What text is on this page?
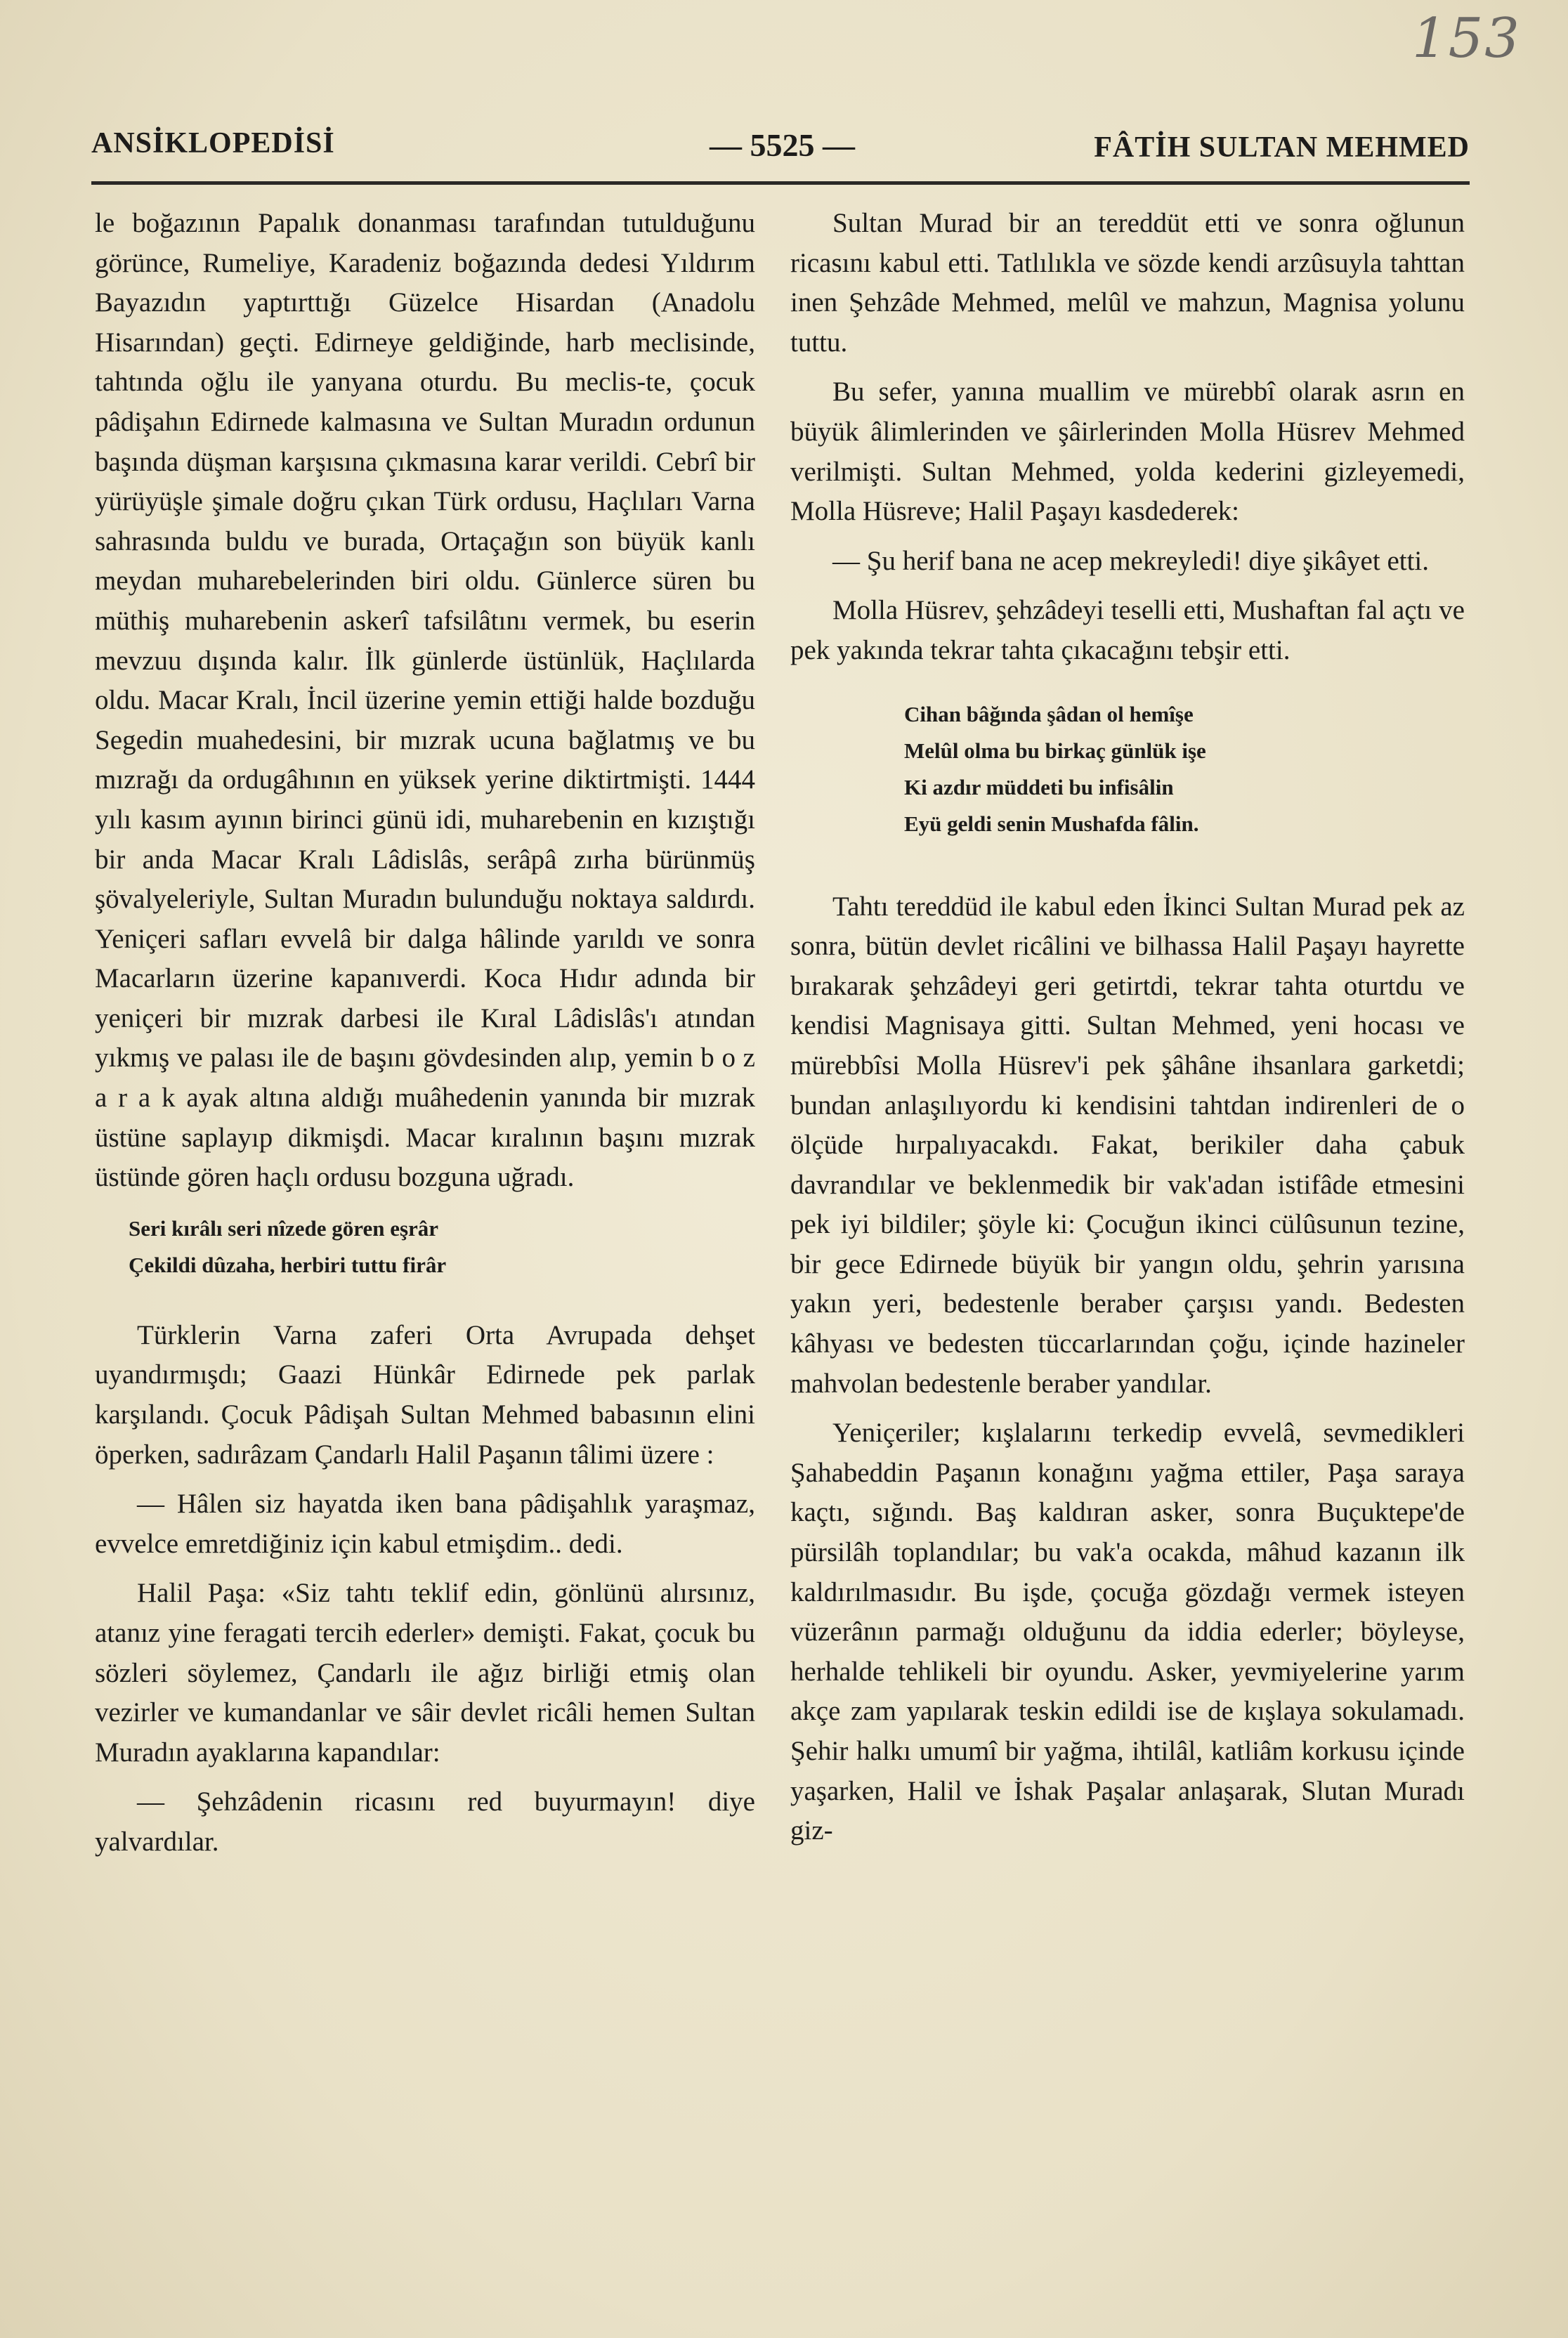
153
ANSİKLOPEDİSİ	— 5525 —	FÂTİH SULTAN MEHMED

le boğazının Papalık donanması tarafından tutulduğunu görünce, Rumeliye, Karadeniz boğazında dedesi Yıldırım Bayazıdın yaptırttığı Güzelce Hisardan (Anadolu Hisarından) geçti. Edirneye geldiğinde, harb meclisinde, tahtında oğlu ile yanyana oturdu. Bu meclis-te, çocuk pâdişahın Edirnede kalmasına ve Sultan Muradın ordunun başında düşman karşısına çıkmasına karar verildi. Cebrî bir yürüyüşle şimale doğru çıkan Türk ordusu, Haçlıları Varna sahrasında buldu ve burada, Ortaçağın son büyük kanlı meydan muharebelerinden biri oldu. Günlerce süren bu müthiş muharebenin askerî tafsilâtını vermek, bu eserin mevzuu dışında kalır. İlk günlerde üstünlük, Haçlılarda oldu. Macar Kralı, İncil üzerine yemin ettiği halde bozduğu Segedin muahedesini, bir mızrak ucuna bağlatmış ve bu mızrağı da ordugâhının en yüksek yerine diktirtmişti. 1444 yılı kasım ayının birinci günü idi, muharebenin en kızıştığı bir anda Macar Kralı Lâdislâs, serâpâ zırha bürünmüş şövalyeleriyle, Sultan Muradın bulunduğu noktaya saldırdı. Yeniçeri safları evvelâ bir dalga hâlinde yarıldı ve sonra Macarların üzerine kapanıverdi. Koca Hıdır adında bir yeniçeri bir mızrak darbesi ile Kıral Lâdislâs'ı atından yıkmış ve palası ile de başını gövdesinden alıp, yemin b o z a r a k ayak altına aldığı muâhedenin yanında bir mızrak üstüne saplayıp dikmişdi. Macar kıralının başını mızrak üstünde gören haçlı ordusu bozguna uğradı.

Seri kırâlı seri nîzede gören eşrâr
Çekildi dûzaha, herbiri tuttu firâr

Türklerin Varna zaferi Orta Avrupada dehşet uyandırmışdı; Gaazi Hünkâr Edirnede pek parlak karşılandı. Çocuk Pâdişah Sultan Mehmed babasının elini öperken, sadırâzam Çandarlı Halil Paşanın tâlimi üzere :

— Hâlen siz hayatda iken bana pâdişahlık yaraşmaz, evvelce emretdiğiniz için kabul etmişdim.. dedi.

Halil Paşa: «Siz tahtı teklif edin, gönlünü alırsınız, atanız yine feragati tercih ederler» demişti. Fakat, çocuk bu sözleri söylemez, Çandarlı ile ağız birliği etmiş olan vezirler ve kumandanlar ve sâir devlet ricâli hemen Sultan Muradın ayaklarına kapandılar:

— Şehzâdenin ricasını red buyurmayın! diye yalvardılar.

Sultan Murad bir an tereddüt etti ve sonra oğlunun ricasını kabul etti. Tatlılıkla ve sözde kendi arzûsuyla tahttan inen Şehzâde Mehmed, melûl ve mahzun, Magnisa yolunu tuttu.

Bu sefer, yanına muallim ve mürebbî olarak asrın en büyük âlimlerinden ve şâirlerinden Molla Hüsrev Mehmed verilmişti. Sultan Mehmed, yolda kederini gizleyemedi, Molla Hüsreve; Halil Paşayı kasdederek:

— Şu herif bana ne acep mekreyledi! diye şikâyet etti.

Molla Hüsrev, şehzâdeyi teselli etti, Mushaftan fal açtı ve pek yakında tekrar tahta çıkacağını tebşir etti.

Cihan bâğında şâdan ol hemîşe
Melûl olma bu birkaç günlük işe
Ki azdır müddeti bu infisâlin
Eyü geldi senin Mushafda fâlin.

Tahtı tereddüd ile kabul eden İkinci Sultan Murad pek az sonra, bütün devlet ricâlini ve bilhassa Halil Paşayı hayrette bırakarak şehzâdeyi geri getirtdi, tekrar tahta oturtdu ve kendisi Magnisaya gitti. Sultan Mehmed, yeni hocası ve mürebbîsi Molla Hüsrev'i pek şâhâne ihsanlara garketdi; bundan anlaşılıyordu ki kendisini tahtdan indirenleri de o ölçüde hırpalıyacakdı. Fakat, berikiler daha çabuk davrandılar ve beklenmedik bir vak'adan istifâde etmesini pek iyi bildiler; şöyle ki: Çocuğun ikinci cülûsunun tezine, bir gece Edirnede büyük bir yangın oldu, şehrin yarısına yakın yeri, bedestenle beraber çarşısı yandı. Bedesten kâhyası ve bedesten tüccarlarından çoğu, içinde hazineler mahvolan bedestenle beraber yandılar.

Yeniçeriler; kışlalarını terkedip evvelâ, sevmedikleri Şahabeddin Paşanın konağını yağma ettiler, Paşa saraya kaçtı, sığındı. Baş kaldıran asker, sonra Buçuktepe'de pürsilâh toplandılar; bu vak'a ocakda, mâhud kazanın ilk kaldırılmasıdır. Bu işde, çocuğa gözdağı vermek isteyen vüzerânın parmağı olduğunu da iddia ederler; böyleyse, herhalde tehlikeli bir oyundu. Asker, yevmiyelerine yarım akçe zam yapılarak teskin edildi ise de kışlaya sokulamadı. Şehir halkı umumî bir yağma, ihtilâl, katliâm korkusu içinde yaşarken, Halil ve İshak Paşalar anlaşarak, Slutan Muradı giz-
